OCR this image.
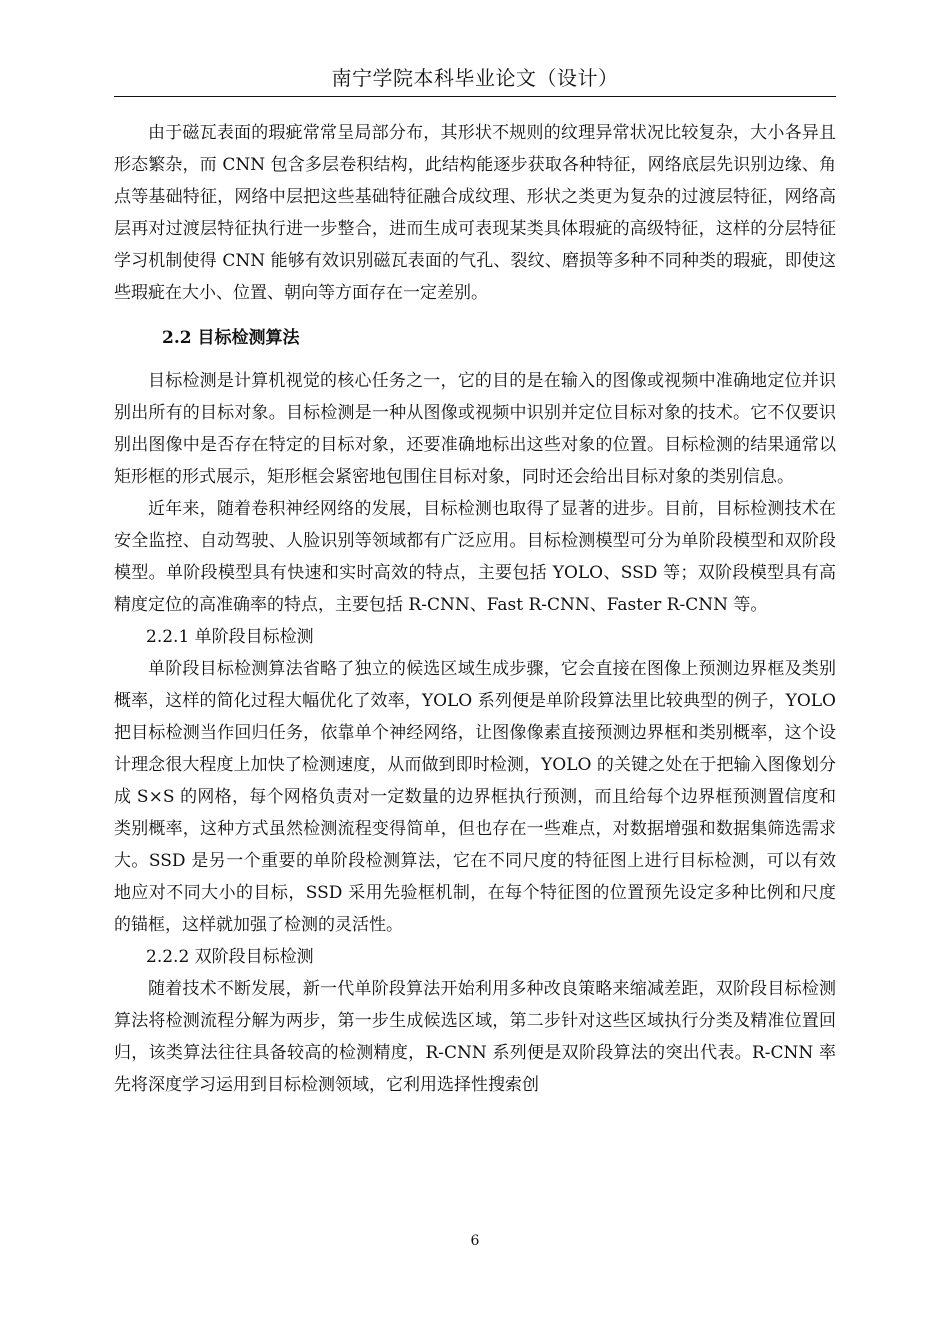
南宁学院本科毕业论文（设计）

由于磁瓦表面的瑕疵常常呈局部分布，其形状不规则的纹理异常状况比较复杂，大小各异且形态繁杂，而 CNN 包含多层卷积结构，此结构能逐步获取各种特征，网络底层先识别边缘、角点等基础特征，网络中层把这些基础特征融合成纹理、形状之类更为复杂的过渡层特征，网络高层再对过渡层特征执行进一步整合，进而生成可表现某类具体瑕疵的高级特征，这样的分层特征学习机制使得 CNN 能够有效识别磁瓦表面的气孔、裂纹、磨损等多种不同种类的瑕疵，即使这些瑕疵在大小、位置、朝向等方面存在一定差别。

2.2 目标检测算法

目标检测是计算机视觉的核心任务之一，它的目的是在输入的图像或视频中准确地定位并识别出所有的目标对象。目标检测是一种从图像或视频中识别并定位目标对象的技术。它不仅要识别出图像中是否存在特定的目标对象，还要准确地标出这些对象的位置。目标检测的结果通常以矩形框的形式展示，矩形框会紧密地包围住目标对象，同时还会给出目标对象的类别信息。

近年来，随着卷积神经网络的发展，目标检测也取得了显著的进步。目前，目标检测技术在安全监控、自动驾驶、人脸识别等领域都有广泛应用。目标检测模型可分为单阶段模型和双阶段模型。单阶段模型具有快速和实时高效的特点，主要包括 YOLO、SSD 等；双阶段模型具有高精度定位的高准确率的特点，主要包括 R-CNN、Fast R-CNN、Faster R-CNN 等。

2.2.1 单阶段目标检测

单阶段目标检测算法省略了独立的候选区域生成步骤，它会直接在图像上预测边界框及类别概率，这样的简化过程大幅优化了效率，YOLO 系列便是单阶段算法里比较典型的例子，YOLO 把目标检测当作回归任务，依靠单个神经网络，让图像像素直接预测边界框和类别概率，这个设计理念很大程度上加快了检测速度，从而做到即时检测，YOLO 的关键之处在于把输入图像划分成 S×S 的网格，每个网格负责对一定数量的边界框执行预测，而且给每个边界框预测置信度和类别概率，这种方式虽然检测流程变得简单，但也存在一些难点，对数据增强和数据集筛选需求大。SSD 是另一个重要的单阶段检测算法，它在不同尺度的特征图上进行目标检测，可以有效地应对不同大小的目标，SSD 采用先验框机制，在每个特征图的位置预先设定多种比例和尺度的锚框，这样就加强了检测的灵活性。

2.2.2 双阶段目标检测

随着技术不断发展，新一代单阶段算法开始利用多种改良策略来缩减差距，双阶段目标检测算法将检测流程分解为两步，第一步生成候选区域，第二步针对这些区域执行分类及精准位置回归，该类算法往往具备较高的检测精度，R-CNN 系列便是双阶段算法的突出代表。R-CNN 率先将深度学习运用到目标检测领域，它利用选择性搜索创

6
